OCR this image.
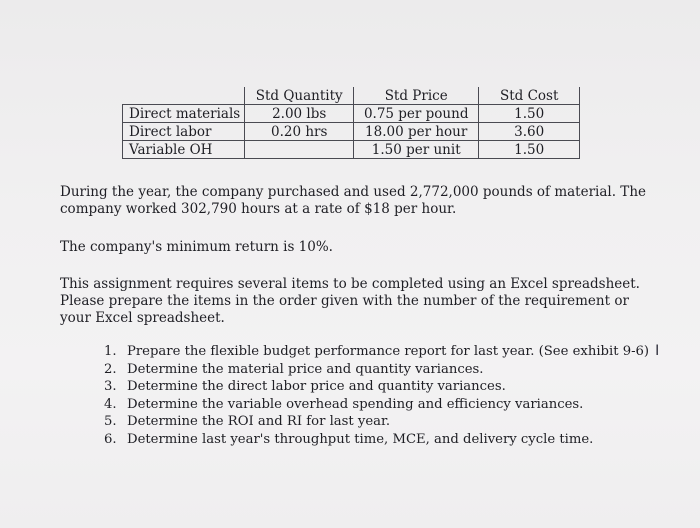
	Std Quantity	Std Price	Std Cost
Direct materials	2.00 lbs	0.75 per pound	1.50
Direct labor	0.20 hrs	18.00 per hour	3.60
Variable OH		1.50 per unit	1.50

During the year, the company purchased and used 2,772,000 pounds of material. The company worked 302,790 hours at a rate of $18 per hour.

The company's minimum return is 10%.

This assignment requires several items to be completed using an Excel spreadsheet. Please prepare the items in the order given with the number of the requirement or your Excel spreadsheet.

1. Prepare the flexible budget performance report for last year. (See exhibit 9-6) I
2. Determine the material price and quantity variances.
3. Determine the direct labor price and quantity variances.
4. Determine the variable overhead spending and efficiency variances.
5. Determine the ROI and RI for last year.
6. Determine last year's throughput time, MCE, and delivery cycle time.
